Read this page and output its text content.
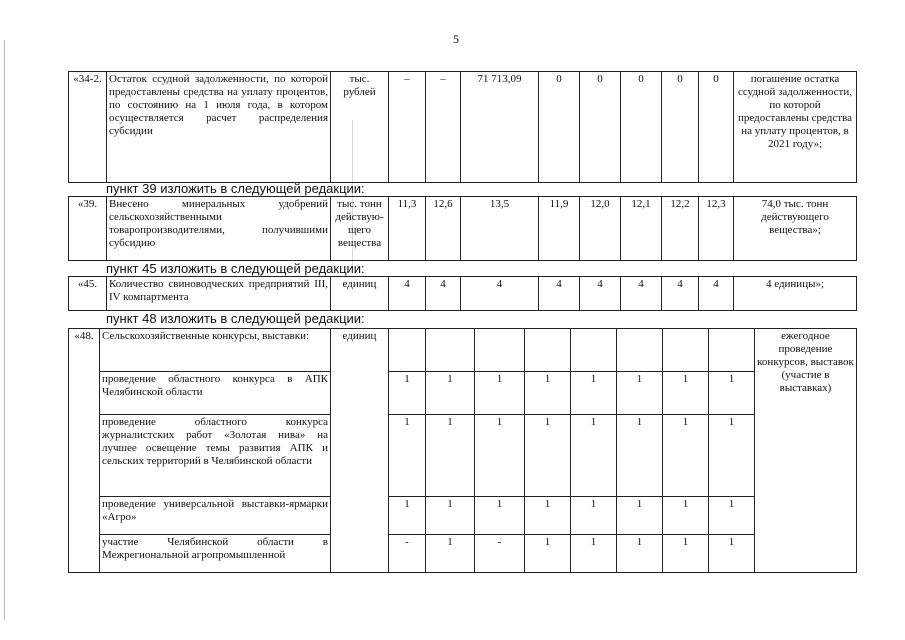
5
«34-2.	Остаток ссудной задолженности, по которой предоставлены средства на уплату процентов, по состоянию на 1 июля года, в котором осуществляется расчет распределения субсидии	тыс. рублей	–	–	71 713,09	0	0	0	0	0	погашение остатка ссудной задолженности, по которой предоставлены средства на уплату процентов, в 2021 году»;
пункт 39 изложить в следующей редакции:
«39.	Внесено минеральных удобрений сельскохозяйственными товаропроизводителями, получившими субсидию	тыс. тонн действую-щего вещества	11,3	12,6	13,5	11,9	12,0	12,1	12,2	12,3	74,0 тыс. тонн действующего вещества»;
пункт 45 изложить в следующей редакции:
«45.	Количество свиноводческих предприятий III, IV компартмента	единиц	4	4	4	4	4	4	4	4	4 единицы»;
пункт 48 изложить в следующей редакции:
«48.	Сельскохозяйственные конкурсы, выставки:	единиц									ежегодное проведение конкурсов, выставок (участие в выставках)
	проведение областного конкурса в АПК Челябинской области		1	1	1	1	1	1	1	1	
	проведение областного конкурса журналистских работ «Золотая нива» на лучшее освещение темы развития АПК и сельских территорий в Челябинской области		1	1	1	1	1	1	1	1	
	проведение универсальной выставки-ярмарки «Агро»		1	1	1	1	1	1	1	1	
	участие Челябинской области в Межрегиональной агропромышленной		-	1	-	1	1	1	1	1	
